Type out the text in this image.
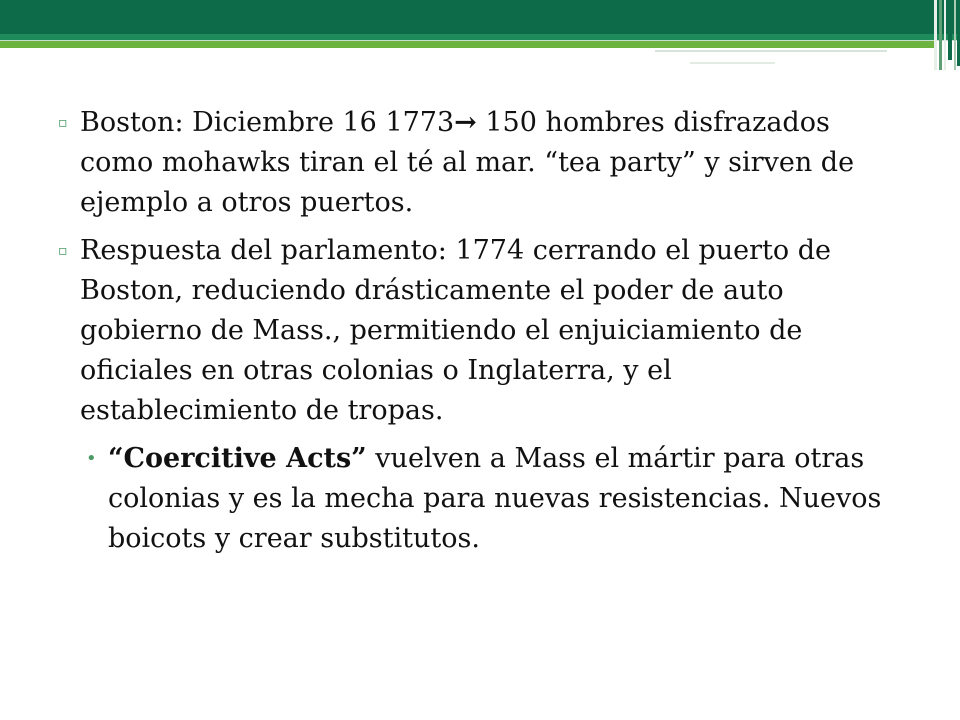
▫ Boston: Diciembre 16 1773→ 150 hombres disfrazados como mohawks tiran el té al mar. “tea party” y sirven de ejemplo a otros puertos.
▫ Respuesta del parlamento: 1774 cerrando el puerto de Boston, reduciendo drásticamente el poder de auto gobierno de Mass., permitiendo el enjuiciamiento de oficiales en otras colonias o Inglaterra, y el establecimiento de tropas.
• “Coercitive Acts” vuelven a Mass el mártir para otras colonias y es la mecha para nuevas resistencias. Nuevos boicots y crear substitutos.
